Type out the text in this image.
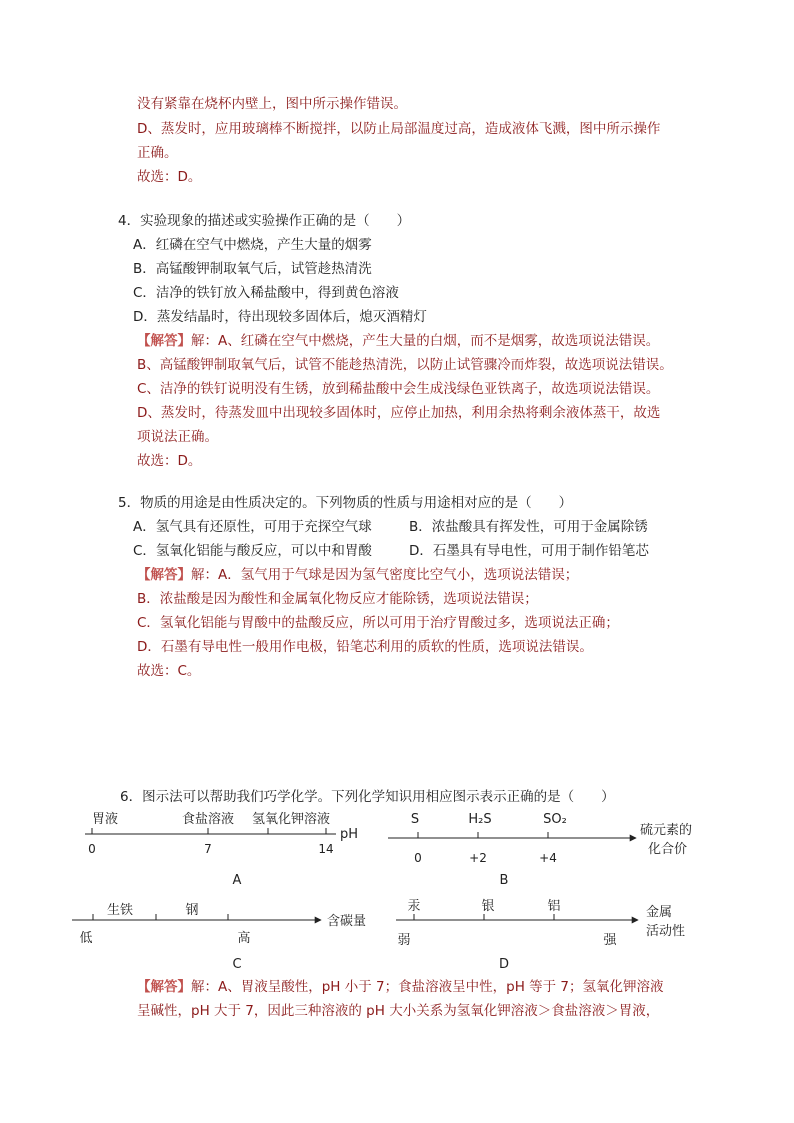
没有紧靠在烧杯内壁上，图中所示操作错误。
D、蒸发时，应用玻璃棒不断搅拌，以防止局部温度过高，造成液体飞溅，图中所示操作
正确。
故选：D。
4．实验现象的描述或实验操作正确的是（　　）
A．红磷在空气中燃烧，产生大量的烟雾
B．高锰酸钾制取氧气后，试管趁热清洗
C．洁净的铁钉放入稀盐酸中，得到黄色溶液
D．蒸发结晶时，待出现较多固体后，熄灭酒精灯
【解答】解：A、红磷在空气中燃烧，产生大量的白烟，而不是烟雾，故选项说法错误。
B、高锰酸钾制取氧气后，试管不能趁热清洗，以防止试管骤冷而炸裂，故选项说法错误。
C、洁净的铁钉说明没有生锈，放到稀盐酸中会生成浅绿色亚铁离子，故选项说法错误。
D、蒸发时，待蒸发皿中出现较多固体时，应停止加热，利用余热将剩余液体蒸干，故选
项说法正确。
故选：D。
5．物质的用途是由性质决定的。下列物质的性质与用途相对应的是（　　）
A．氢气具有还原性，可用于充探空气球	B．浓盐酸具有挥发性，可用于金属除锈
C．氢氧化铝能与酸反应，可以中和胃酸	D．石墨具有导电性，可用于制作铅笔芯
【解答】解：A．氢气用于气球是因为氢气密度比空气小，选项说法错误；
B．浓盐酸是因为酸性和金属氧化物反应才能除锈，选项说法错误；
C．氢氧化铝能与胃酸中的盐酸反应，所以可用于治疗胃酸过多，选项说法正确；
D．石墨有导电性一般用作电极，铅笔芯利用的质软的性质，选项说法错误。
故选：C。
6．图示法可以帮助我们巧学化学。下列化学知识用相应图示表示正确的是（　　）
胃液	食盐溶液 氢氧化钾溶液
pH
0	7	14
A
S	H₂S	SO₂
硫元素的
化合价
0	+2	+4
B
生铁	钢
含碳量
低	高
C
汞	银	铝	金属
活动性
弱	强
D
【解答】解：A、胃液呈酸性，pH 小于 7；食盐溶液呈中性，pH 等于 7；氢氧化钾溶液
呈碱性，pH 大于 7，因此三种溶液的 pH 大小关系为氢氧化钾溶液＞食盐溶液＞胃液，
